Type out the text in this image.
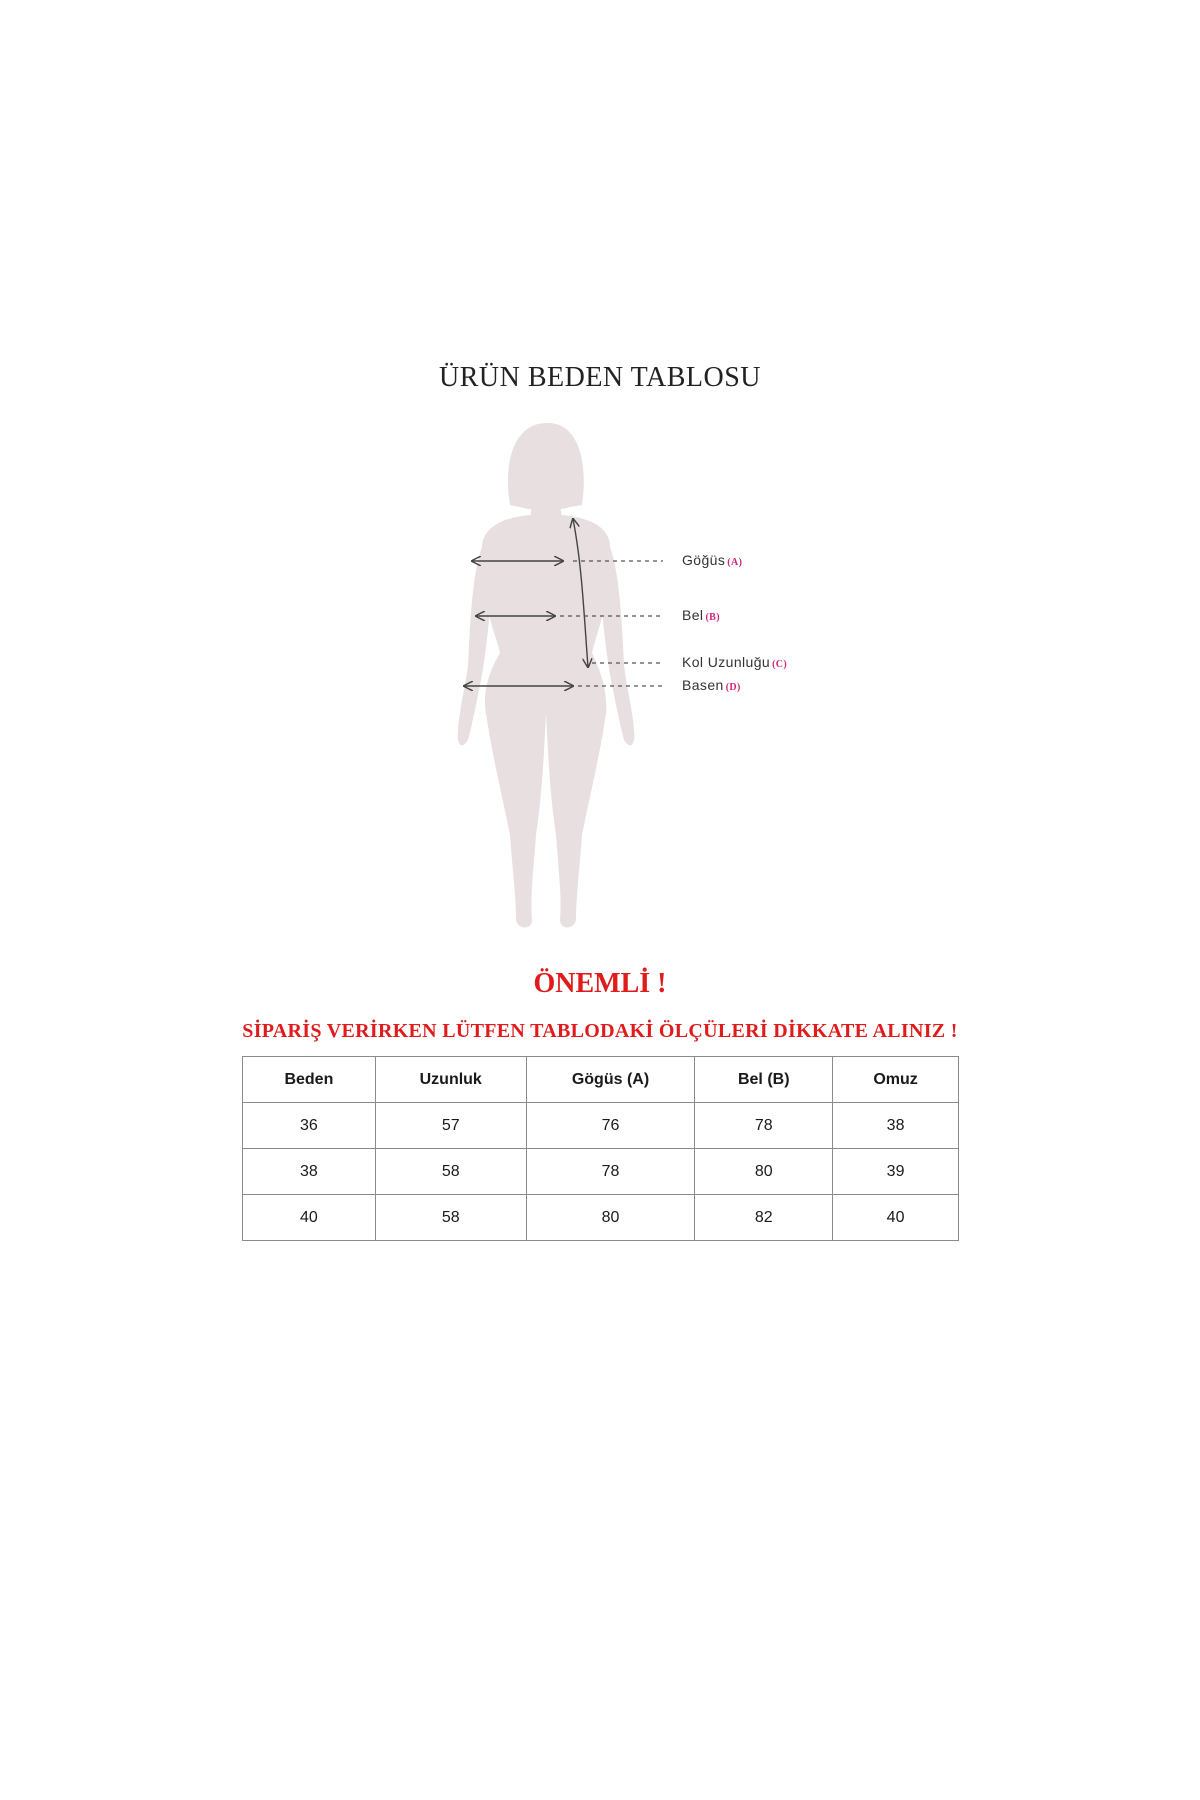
ÜRÜN BEDEN TABLOSU
Göğüs (A)
Bel (B)
Kol Uzunluğu (C)
Basen (D)
ÖNEMLİ !
SİPARİŞ VERİRKEN LÜTFEN TABLODAKİ ÖLÇÜLERİ DİKKATE ALINIZ !
Beden	Uzunluk	Gögüs (A)	Bel (B)	Omuz
36	57	76	78	38
38	58	78	80	39
40	58	80	82	40
